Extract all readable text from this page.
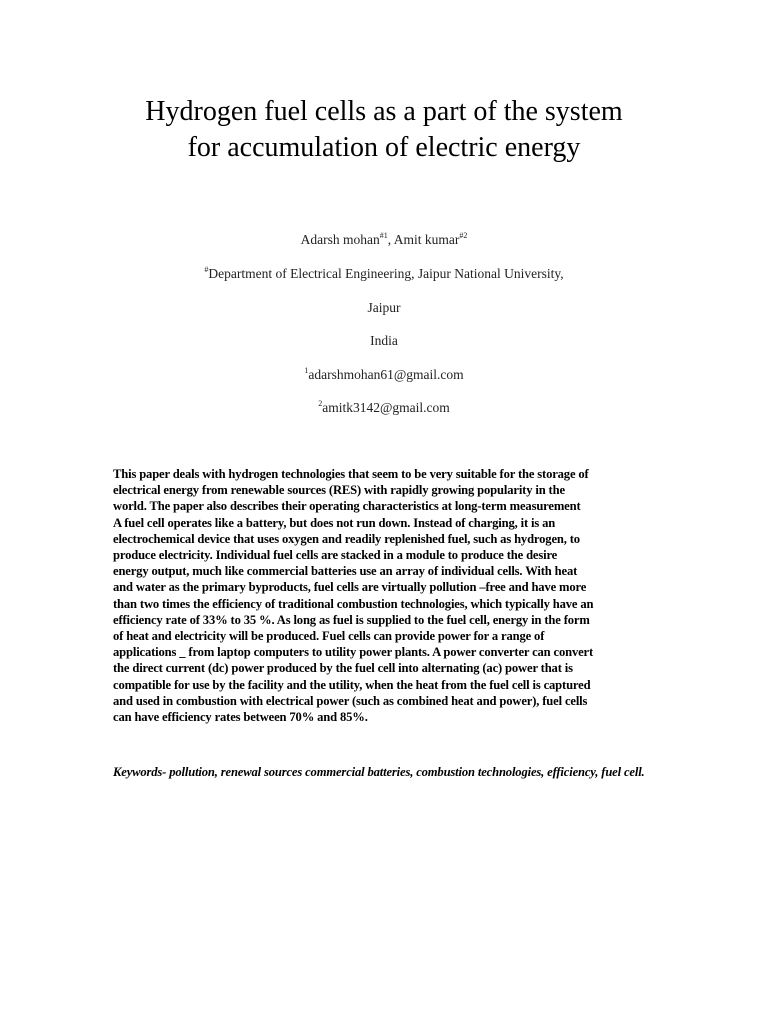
Hydrogen fuel cells as a part of the system
for accumulation of electric energy
Adarsh mohan$^{\#1}$, Amit kumar$^{\#2}$
#Department of Electrical Engineering, Jaipur National University,
Jaipur
India
$^1$adarshmohan61@gmail.com
$^2$amitk3142@gmail.com
This paper deals with hydrogen technologies that seem to be very suitable for the storage of
electrical energy from renewable sources (RES) with rapidly growing popularity in the
world. The paper also describes their operating characteristics at long-term measurement
A fuel cell operates like a battery, but does not run down. Instead of charging, it is an
electrochemical device that uses oxygen and readily replenished fuel, such as hydrogen, to
produce electricity. Individual fuel cells are stacked in a module to produce the desire
energy output, much like commercial batteries use an array of individual cells. With heat
and water as the primary byproducts, fuel cells are virtually pollution –free and have more
than two times the efficiency of traditional combustion technologies, which typically have an
efficiency rate of 33% to 35 %. As long as fuel is supplied to the fuel cell, energy in the form
of heat and electricity will be produced. Fuel cells can provide power for a range of
applications _ from laptop computers to utility power plants. A power converter can convert
the direct current (dc) power produced by the fuel cell into alternating (ac) power that is
compatible for use by the facility and the utility, when the heat from the fuel cell is captured
and used in combustion with electrical power (such as combined heat and power), fuel cells
can have efficiency rates between 70% and 85%.
Keywords- pollution, renewal sources commercial batteries, combustion technologies, efficiency, fuel cell.
